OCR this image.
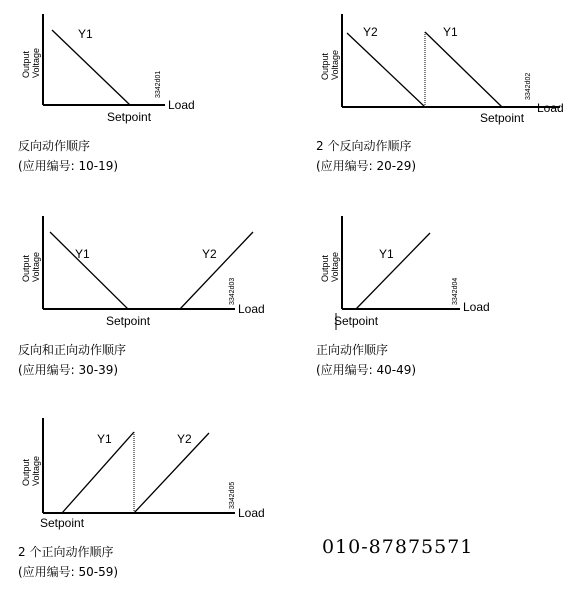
Output Voltage
Y1
Load
Setpoint
3342d01
Output Voltage
Y2	Y1
Load
Setpoint
3342d02
Output Voltage	Y1	Y2
Load
Setpoint
3342d03
Output Voltage	Y1
Load
Setpoint
3342d04
Output Voltage
Y1	Y2
Load
Setpoint
3342d05
反向动作顺序
(应用编号: 10-19)
2 个反向动作顺序
(应用编号: 20-29)
反向和正向动作顺序
(应用编号: 30-39)
正向动作顺序
(应用编号: 40-49)
2 个正向动作顺序
(应用编号: 50-59)
010-87875571
